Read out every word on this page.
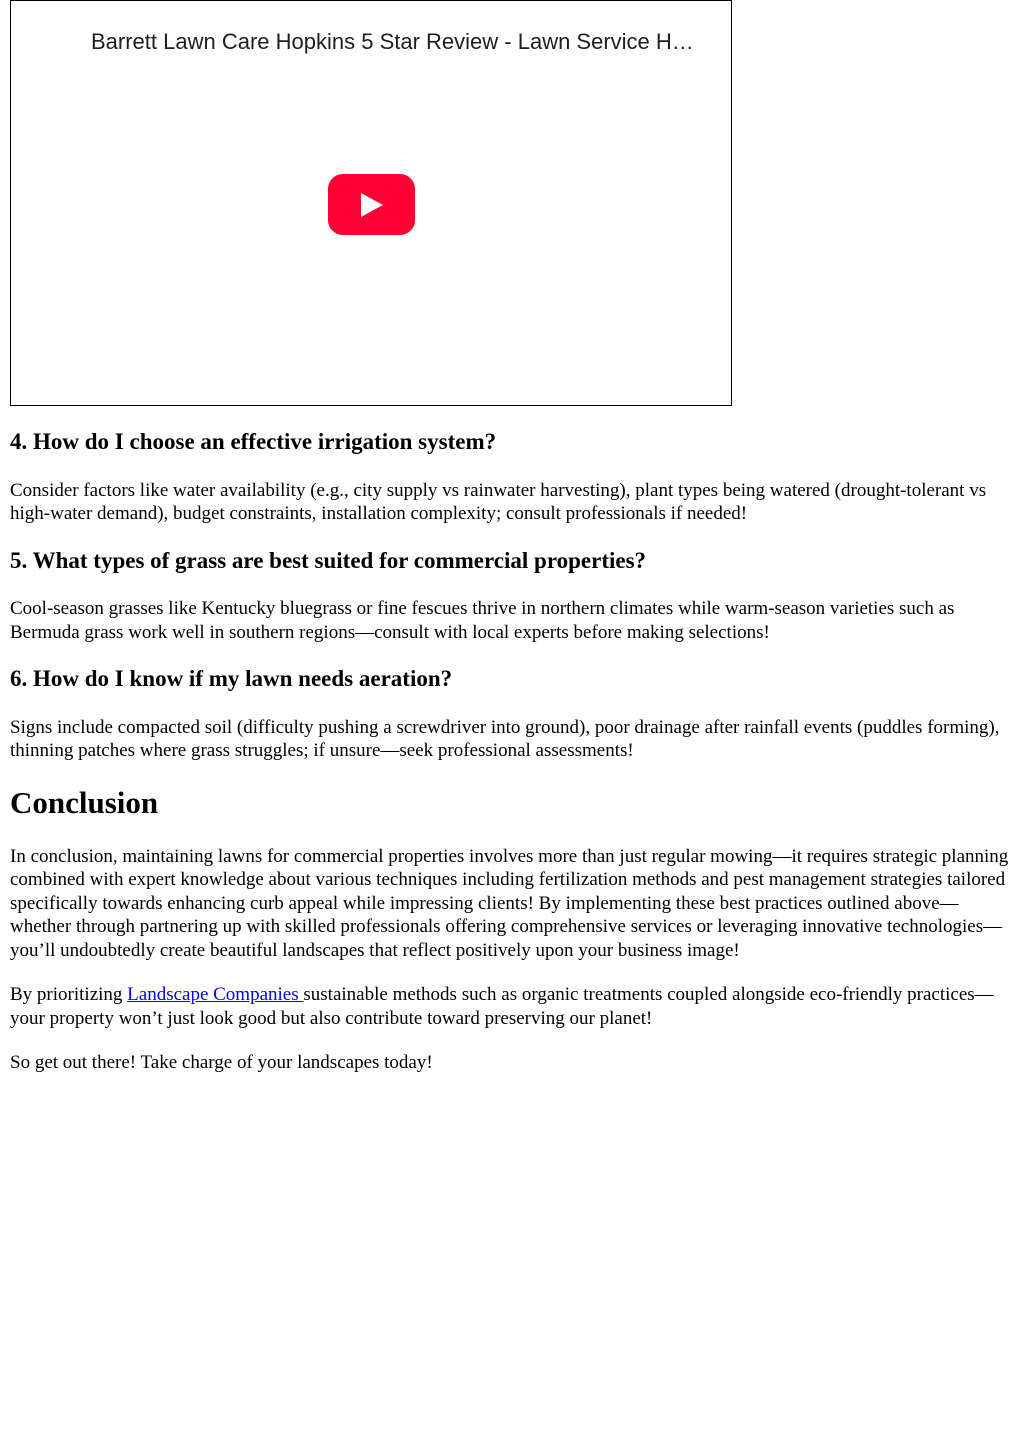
Barrett Lawn Care Hopkins 5 Star Review - Lawn Service H…
4. How do I choose an effective irrigation system?

Consider factors like water availability (e.g., city supply vs rainwater harvesting), plant types being watered (drought-tolerant vs high-water demand), budget constraints, installation complexity; consult professionals if needed!

5. What types of grass are best suited for commercial properties?

Cool-season grasses like Kentucky bluegrass or fine fescues thrive in northern climates while warm-season varieties such as Bermuda grass work well in southern regions—consult with local experts before making selections!

6. How do I know if my lawn needs aeration?

Signs include compacted soil (difficulty pushing a screwdriver into ground), poor drainage after rainfall events (puddles forming), thinning patches where grass struggles; if unsure—seek professional assessments!

Conclusion

In conclusion, maintaining lawns for commercial properties involves more than just regular mowing—it requires strategic planning combined with expert knowledge about various techniques including fertilization methods and pest management strategies tailored specifically towards enhancing curb appeal while impressing clients! By implementing these best practices outlined above—whether through partnering up with skilled professionals offering comprehensive services or leveraging innovative technologies—you’ll undoubtedly create beautiful landscapes that reflect positively upon your business image!

By prioritizing Landscape Companies sustainable methods such as organic treatments coupled alongside eco-friendly practices—your property won’t just look good but also contribute toward preserving our planet!

So get out there! Take charge of your landscapes today!
